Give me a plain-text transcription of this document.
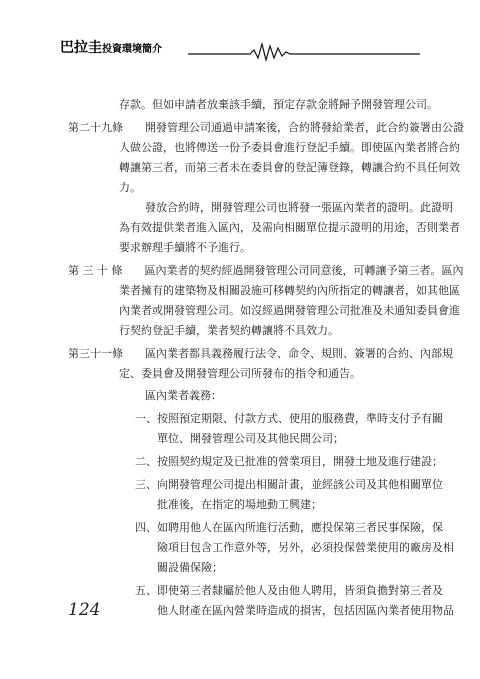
巴拉圭投資環境簡介
存款。但如申請者放棄該手續，預定存款金將歸予開發管理公司。
第二十九條　　開發管理公司通過申請案後，合約將發給業者，此合約簽署由公證
人做公證，也將傳送一份予委員會進行登記手續。即使區內業者將合約
轉讓第三者，而第三者未在委員會的登記簿登錄，轉讓合約不具任何效
力。
發放合約時，開發管理公司也將發一張區內業者的證明。此證明
為有效提供業者進入區內，及需向相關單位提示證明的用途，否則業者
要求辦理手續將不予進行。
第 三 十 條　　區內業者的契約經過開發管理公司同意後，可轉讓予第三者。區內
業者擁有的建築物及相關設施可移轉契約內所指定的轉讓者，如其他區
內業者或開發管理公司。如沒經過開發管理公司批准及未通知委員會進
行契約登記手續，業者契約轉讓將不具效力。
第三十一條　　區內業者都具義務履行法令、命令、規則、簽署的合約、內部規
定、委員會及開發管理公司所發布的指令和通告。
區內業者義務：
一、按照預定期限、付款方式、使用的服務費，準時支付予有關
單位、開發管理公司及其他民間公司；
二、按照契約規定及已批准的營業項目，開發土地及進行建設；
三、向開發管理公司提出相關計畫，並經該公司及其他相關單位
批准後，在指定的場地動工興建；
四、如聘用他人在區內所進行活動，應投保第三者民事保險，保
險項目包含工作意外等，另外，必須投保營業使用的廠房及相
關設備保險；
五、即使第三者隸屬於他人及由他人聘用，皆須負擔對第三者及
他人財產在區內營業時造成的損害，包括因區內業者使用物品
124
